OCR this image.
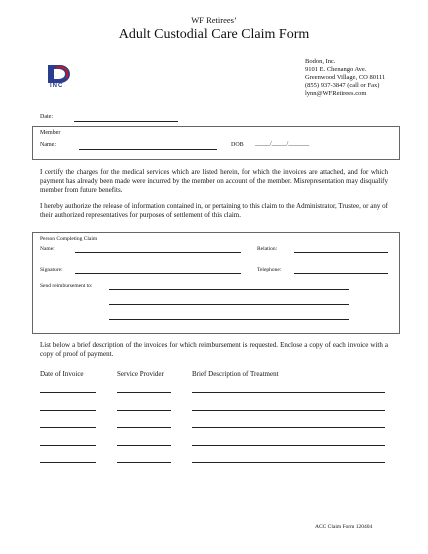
WF Retirees’
Adult Custodial Care Claim Form
INC
Bodon, Inc.
9101 E. Chenango Ave.
Greenwood Village, CO 80111
(855) 937-3847 (call or Fax)
lynn@WFRetirees.com
Date:
Member
Name:	DOB _____/_____/_______
I certify the charges for the medical services which are listed herein, for which the invoices are attached, and for which payment has already been made were incurred by the member on account of the member. Misrepresentation may disqualify member from future benefits.
I hereby authorize the release of information contained in, or pertaining to this claim to the Administrator, Trustee, or any of their authorized representatives for purposes of settlement of this claim.
Person Completing Claim
Name:	Relation:
Signature:	Telephone:
Send reimbursement to:
List below a brief description of the invoices for which reimbursement is requested. Enclose a copy of each invoice with a copy of proof of payment.
Date of Invoice	Service Provider	Brief Description of Treatment
ACC Claim Form 120404
